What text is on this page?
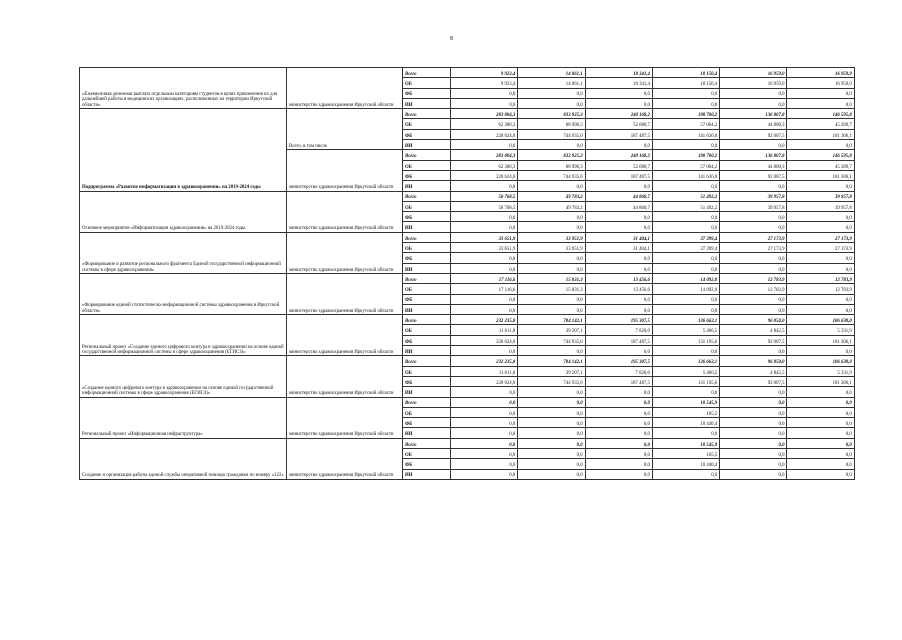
8
«Ежемесячная денежная выплата отдельным категориям студентов в целях привлечения их для дальнейшей работы в медицинских организациях, расположенных на территории Иркутской области»	министерство здравоохранения Иркутской области	Всего	9 923,4	14 061,1	18 341,4	18 150,4	16 959,0	16 959,0
		ОБ	9 923,4	14 061,1	18 341,4	18 150,4	16 959,0	16 959,0
		ФБ	0,0	0,0	0,0	0,0	0,0	0,0
		ИИ	0,0	0,0	0,0	0,0	0,0	0,0
Подпрограмма «Развитие информатизации в здравоохранении» на 2019-2024 годы	Всего, в том числе	Всего	283 004,3	833 925,3	240 168,2	198 700,2	136 807,8	146 595,8
		ОБ	62 380,3	88 990,3	52 680,7	57 064,2	44 800,3	45 289,7
		ФБ	220 624,0	744 935,0	187 487,5	141 636,0	92 007,5	101 306,1
		ИИ	0,0	0,0	0,0	0,0	0,0	0,0
	министерство здравоохранения Иркутской области	Всего	283 004,3	833 925,3	240 168,2	198 700,2	136 807,8	146 595,8
		ОБ	62 380,3	88 990,3	52 680,7	57 064,2	44 800,3	45 289,7
		ФБ	220 624,0	744 935,0	187 487,5	141 636,0	92 007,5	101 306,1
		ИИ	0,0	0,0	0,0	0,0	0,0	0,0
Основное мероприятие «Информатизация здравоохранения» на 2019-2024 годы	министерство здравоохранения Иркутской области	Всего	50 768,5	49 783,2	44 860,7	51 492,2	39 957,8	39 957,8
		ОБ	50 768,5	49 783,2	44 860,7	51 492,2	39 957,8	39 957,8
		ФБ	0,0	0,0	0,0	0,0	0,0	0,0
		ИИ	0,0	0,0	0,0	0,0	0,0	0,0
«Формирование и развитие регионального фрагмента Единой государственной информационной системы в сфере здравоохранения»	министерство здравоохранения Иркутской области	Всего	33 651,9	33 951,9	31 404,1	37 399,4	27 173,9	27 173,9
		ОБ	33 651,9	33 951,9	31 404,1	37 399,4	27 173,9	27 173,9
		ФБ	0,0	0,0	0,0	0,0	0,0	0,0
		ИИ	0,0	0,0	0,0	0,0	0,0	0,0
«Формирование единой статистическо-информационной системы здравоохранения в Иркутской области»	министерство здравоохранения Иркутской области	Всего	17 116,6	15 831,3	13 456,6	14 092,8	12 783,9	12 783,9
		ОБ	17 116,6	15 831,3	13 456,6	14 092,8	12 783,9	12 783,9
		ФБ	0,0	0,0	0,0	0,0	0,0	0,0
		ИИ	0,0	0,0	0,0	0,0	0,0	0,0
Региональный проект «Создание единого цифрового контура в здравоохранении на основе единой государственной информационной системы в сфере здравоохранения (ЕГИСЗ)»	министерство здравоохранения Иркутской области	Всего	232 235,8	784 142,1	195 307,5	136 662,1	96 850,0	106 638,0
		ОБ	11 611,8	39 207,1	7 820,0	5 466,5	4 842,5	5 331,9
		ФБ	220 624,0	744 935,0	187 487,5	131 195,6	92 007,5	101 306,1
		ИИ	0,0	0,0	0,0	0,0	0,0	0,0
«Создание единого цифрового контура в здравоохранении на основе единой государственной информационной системы в сфере здравоохранения (ЕГИСЗ)»	министерство здравоохранения Иркутской области	Всего	232 235,8	784 142,1	195 307,5	136 662,1	96 850,0	106 638,0
		ОБ	11 611,8	39 207,1	7 820,0	5 466,5	4 842,5	5 331,9
		ФБ	220 624,0	744 935,0	187 487,5	131 195,6	92 007,5	101 306,1
		ИИ	0,0	0,0	0,0	0,0	0,0	0,0
Региональный проект «Информационная инфраструктура»	министерство здравоохранения Иркутской области	Всего	0,0	0,0	0,0	10 545,9	0,0	0,0
		ОБ	0,0	0,0	0,0	105,5	0,0	0,0
		ФБ	0,0	0,0	0,0	10 440,4	0,0	0,0
		ИИ	0,0	0,0	0,0	0,0	0,0	0,0
Создание и организация работы единой службы оперативной помощи гражданам по номеру «122»	министерство здравоохранения Иркутской области	Всего	0,0	0,0	0,0	10 545,9	0,0	0,0
		ОБ	0,0	0,0	0,0	105,5	0,0	0,0
		ФБ	0,0	0,0	0,0	10 440,4	0,0	0,0
		ИИ	0,0	0,0	0,0	0,0	0,0	0,0
